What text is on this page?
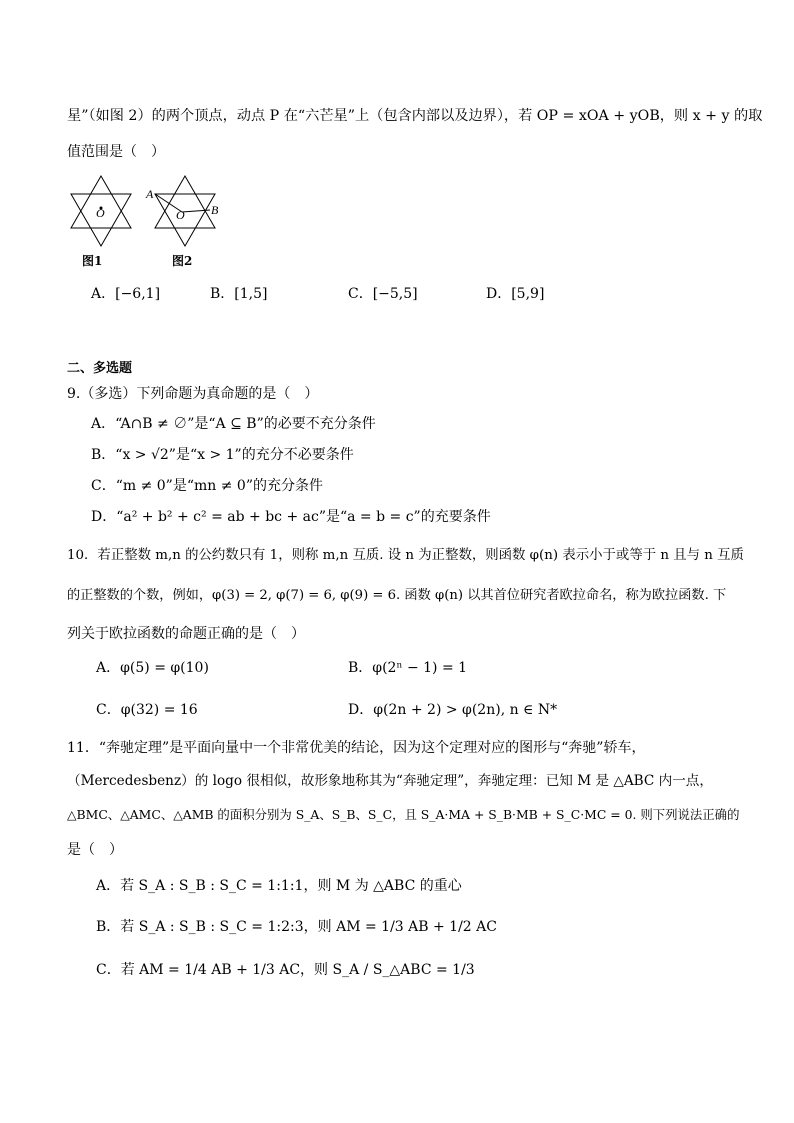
星”（如图 2）的两个顶点，动点 P 在“六芒星”上（包含内部以及边界），若 OP = xOA + yOB，则 x + y 的取
值范围是（　）
O	O
A
B
图1	图2
A．[−6,1]	B．[1,5]	C．[−5,5]	D．[5,9]
二、多选题
9.（多选）下列命题为真命题的是（　）
A．“A∩B ≠ ∅”是“A ⊆ B”的必要不充分条件
B．“x > √2”是“x > 1”的充分不必要条件
C．“m ≠ 0”是“mn ≠ 0”的充分条件
D．“a² + b² + c² = ab + bc + ac”是“a = b = c”的充要条件
10．若正整数 m,n 的公约数只有 1，则称 m,n 互质. 设 n 为正整数，则函数 φ(n) 表示小于或等于 n 且与 n 互质
的正整数的个数，例如，φ(3) = 2, φ(7) = 6, φ(9) = 6. 函数 φ(n) 以其首位研究者欧拉命名，称为欧拉函数. 下
列关于欧拉函数的命题正确的是（　）
A．φ(5) = φ(10)	B．φ(2ⁿ − 1) = 1
C．φ(32) = 16	D．φ(2n + 2) > φ(2n), n ∈ N*
11．“奔驰定理”是平面向量中一个非常优美的结论，因为这个定理对应的图形与“奔驰”轿车，
（Mercedesbenz）的 logo 很相似，故形象地称其为“奔驰定理”，奔驰定理：已知 M 是 △ABC 内一点，
△BMC、△AMC、△AMB 的面积分别为 S_A、S_B、S_C，且 S_A·MA + S_B·MB + S_C·MC = 0. 则下列说法正确的
是（　）
A．若 S_A : S_B : S_C = 1:1:1，则 M 为 △ABC 的重心
B．若 S_A : S_B : S_C = 1:2:3，则 AM = 1/3 AB + 1/2 AC
C．若 AM = 1/4 AB + 1/3 AC，则 S_A / S_△ABC = 1/3
